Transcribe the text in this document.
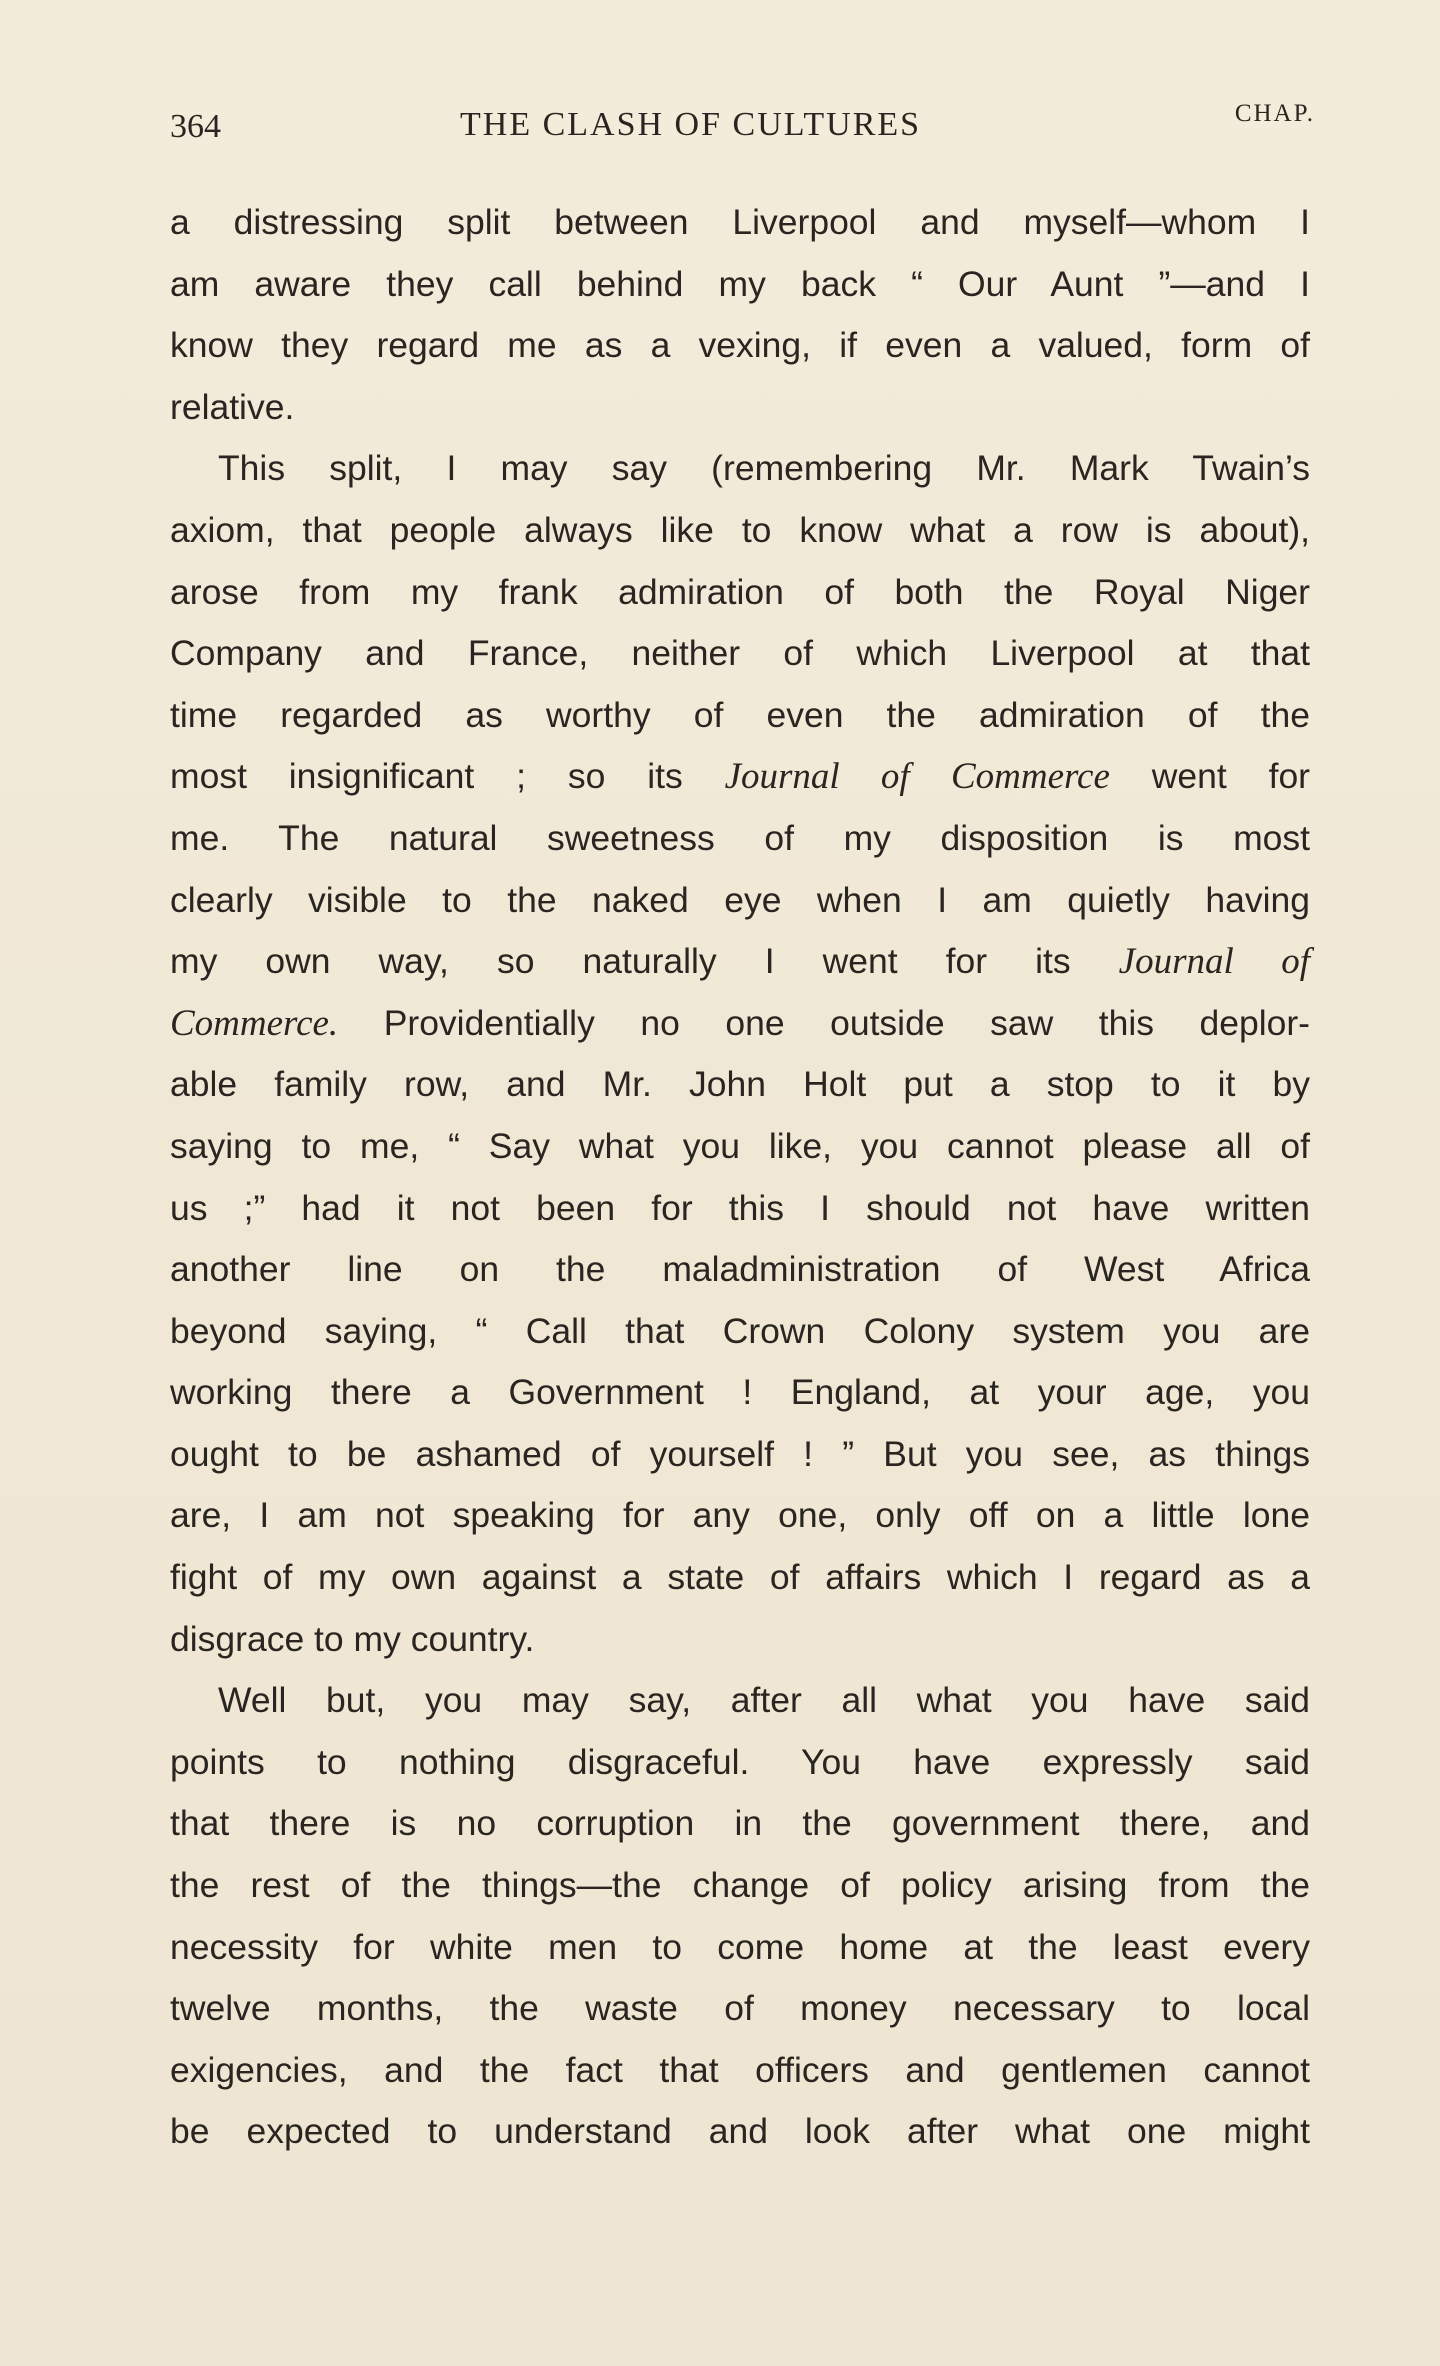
364	THE CLASH OF CULTURES	CHAP.

a distressing split between Liverpool and myself—whom I
am aware they call behind my back “ Our Aunt ”—and I
know they regard me as a vexing, if even a valued, form of
relative.

This split, I may say (remembering Mr. Mark Twain’s
axiom, that people always like to know what a row is about),
arose from my frank admiration of both the Royal Niger
Company and France, neither of which Liverpool at that
time regarded as worthy of even the admiration of the
most insignificant ; so its Journal of Commerce went for
me. The natural sweetness of my disposition is most
clearly visible to the naked eye when I am quietly having
my own way, so naturally I went for its Journal of
Commerce. Providentially no one outside saw this deplor-
able family row, and Mr. John Holt put a stop to it by
saying to me, “ Say what you like, you cannot please all of
us ;” had it not been for this I should not have written
another line on the maladministration of West Africa
beyond saying, “ Call that Crown Colony system you are
working there a Government ! England, at your age, you
ought to be ashamed of yourself ! ” But you see, as things
are, I am not speaking for any one, only off on a little lone
fight of my own against a state of affairs which I regard as a
disgrace to my country.

Well but, you may say, after all what you have said
points to nothing disgraceful. You have expressly said
that there is no corruption in the government there, and
the rest of the things—the change of policy arising from the
necessity for white men to come home at the least every
twelve months, the waste of money necessary to local
exigencies, and the fact that officers and gentlemen cannot
be expected to understand and look after what one might
